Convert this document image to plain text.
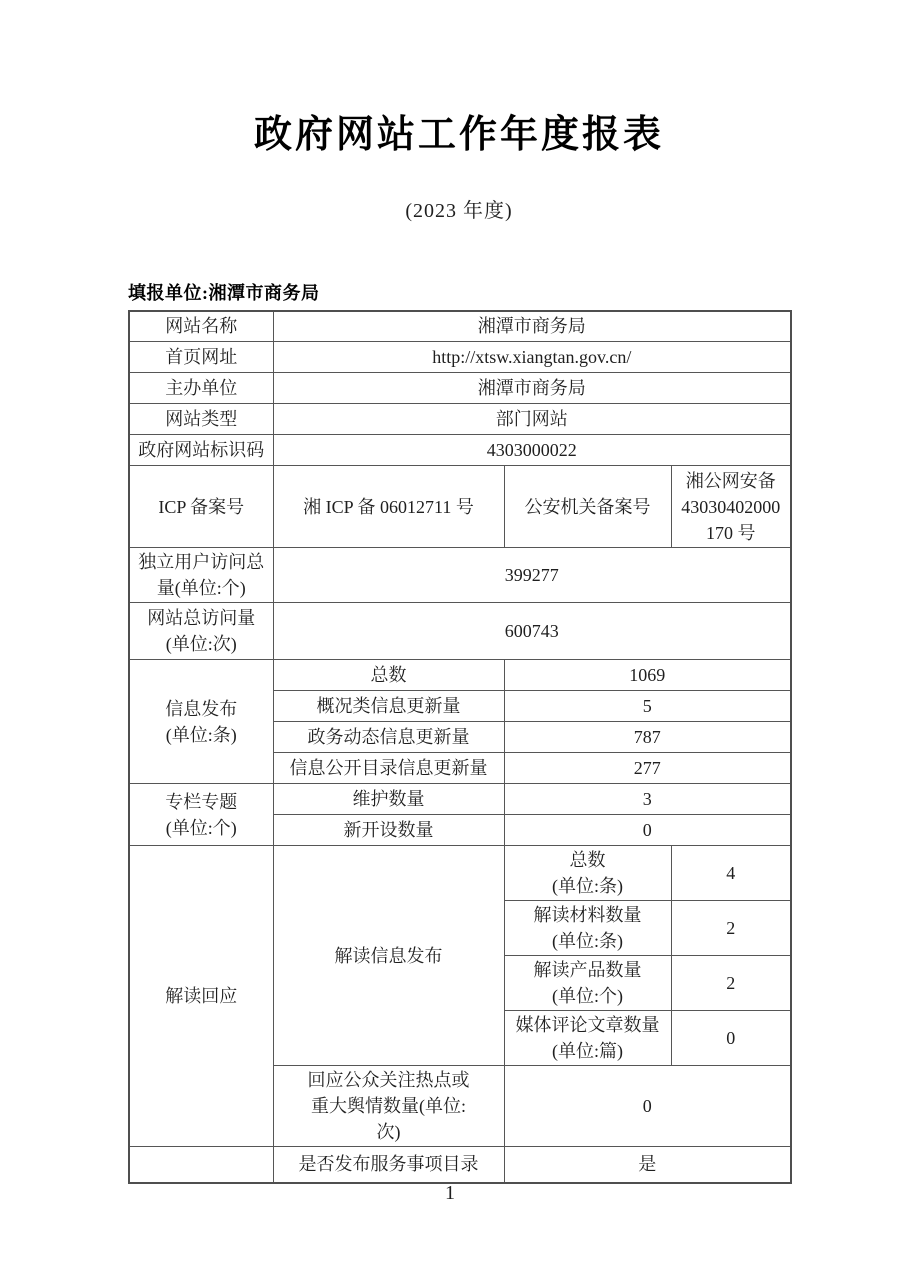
政府网站工作年度报表
(2023 年度)
填报单位:湘潭市商务局
网站名称	湘潭市商务局		
首页网址	http://xtsw.xiangtan.gov.cn/		
主办单位	湘潭市商务局		
网站类型	部门网站		
政府网站标识码	4303000022		
ICP 备案号	湘 ICP 备 06012711 号	公安机关备案号	湘公网安备
43030402000
170 号
独立用户访问总
量(单位:个)	399277		
网站总访问量
(单位:次)	600743		
信息发布
(单位:条)	总数	1069	
	概况类信息更新量	5	
	政务动态信息更新量	787	
	信息公开目录信息更新量	277	
专栏专题
(单位:个)	维护数量	3	
	新开设数量	0	
解读回应	解读信息发布	总数
(单位:条)	4
		解读材料数量
(单位:条)	2
		解读产品数量
(单位:个)	2
		媒体评论文章数量
(单位:篇)	0
	回应公众关注热点或
重大舆情数量(单位:
次)	0	
	是否发布服务事项目录	是	
1
